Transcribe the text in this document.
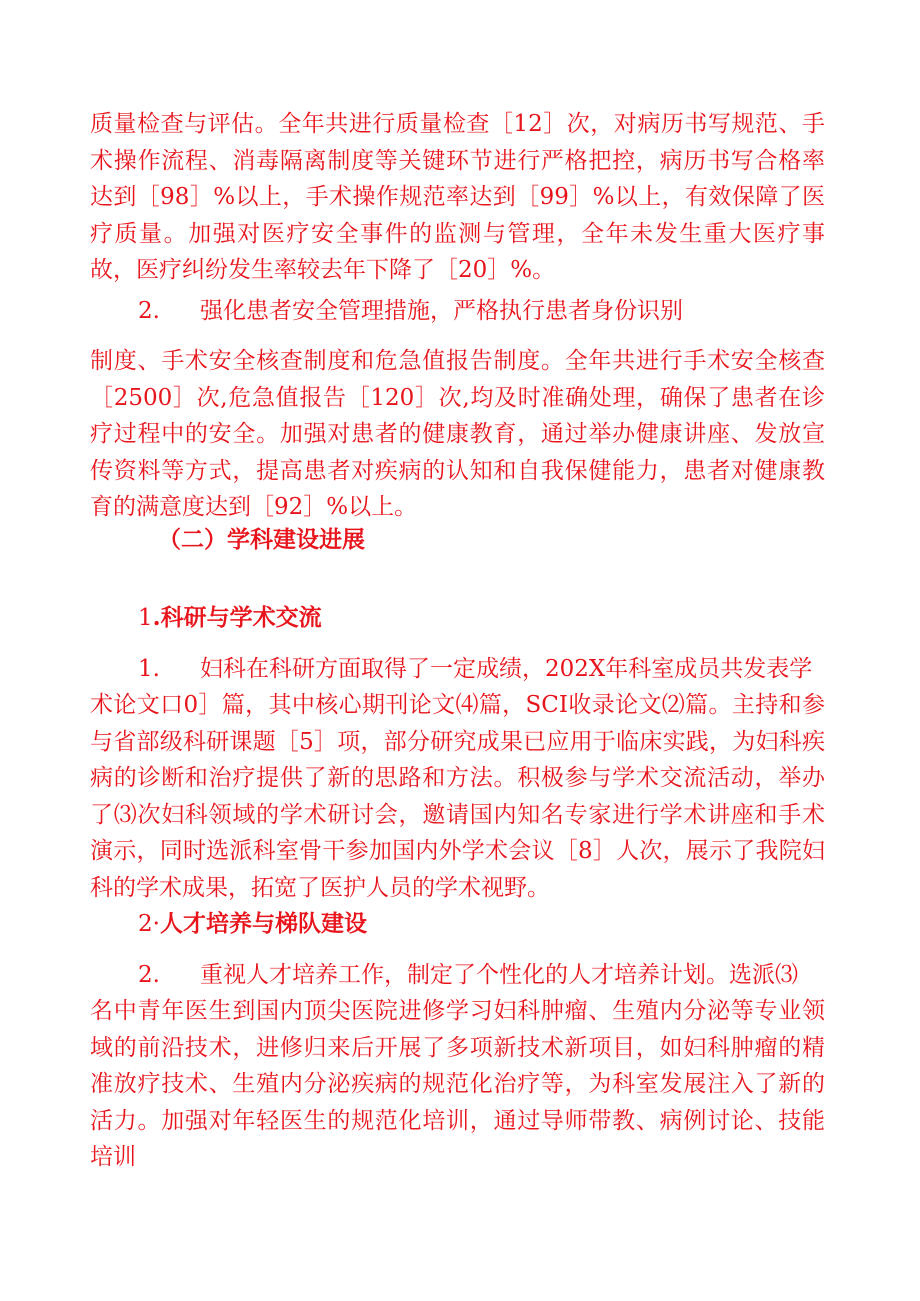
质量检查与评估。全年共进行质量检查［12］次，对病历书写规范、手术操作流程、消毒隔离制度等关键环节进行严格把控，病历书写合格率达到［98］%以上，手术操作规范率达到［99］%以上，有效保障了医疗质量。加强对医疗安全事件的监测与管理，全年未发生重大医疗事故，医疗纠纷发生率较去年下降了［20］%。

2. 强化患者安全管理措施，严格执行患者身份识别

制度、手术安全核查制度和危急值报告制度。全年共进行手术安全核查［2500］次,危急值报告［120］次,均及时准确处理，确保了患者在诊疗过程中的安全。加强对患者的健康教育，通过举办健康讲座、发放宣传资料等方式，提高患者对疾病的认知和自我保健能力，患者对健康教育的满意度达到［92］%以上。

（二）学科建设进展

1.科研与学术交流

1. 妇科在科研方面取得了一定成绩，202X年科室成员共发表学

术论文口0］篇，其中核心期刊论文⑷篇，SCI收录论文⑵篇。主持和参与省部级科研课题［5］项，部分研究成果已应用于临床实践，为妇科疾病的诊断和治疗提供了新的思路和方法。积极参与学术交流活动，举办了⑶次妇科领域的学术研讨会，邀请国内知名专家进行学术讲座和手术演示，同时选派科室骨干参加国内外学术会议［8］人次，展示了我院妇科的学术成果，拓宽了医护人员的学术视野。

2·人才培养与梯队建设

2. 重视人才培养工作，制定了个性化的人才培养计划。选派⑶

名中青年医生到国内顶尖医院进修学习妇科肿瘤、生殖内分泌等专业领域的前沿技术，进修归来后开展了多项新技术新项目，如妇科肿瘤的精准放疗技术、生殖内分泌疾病的规范化治疗等，为科室发展注入了新的活力。加强对年轻医生的规范化培训，通过导师带教、病例讨论、技能培训
